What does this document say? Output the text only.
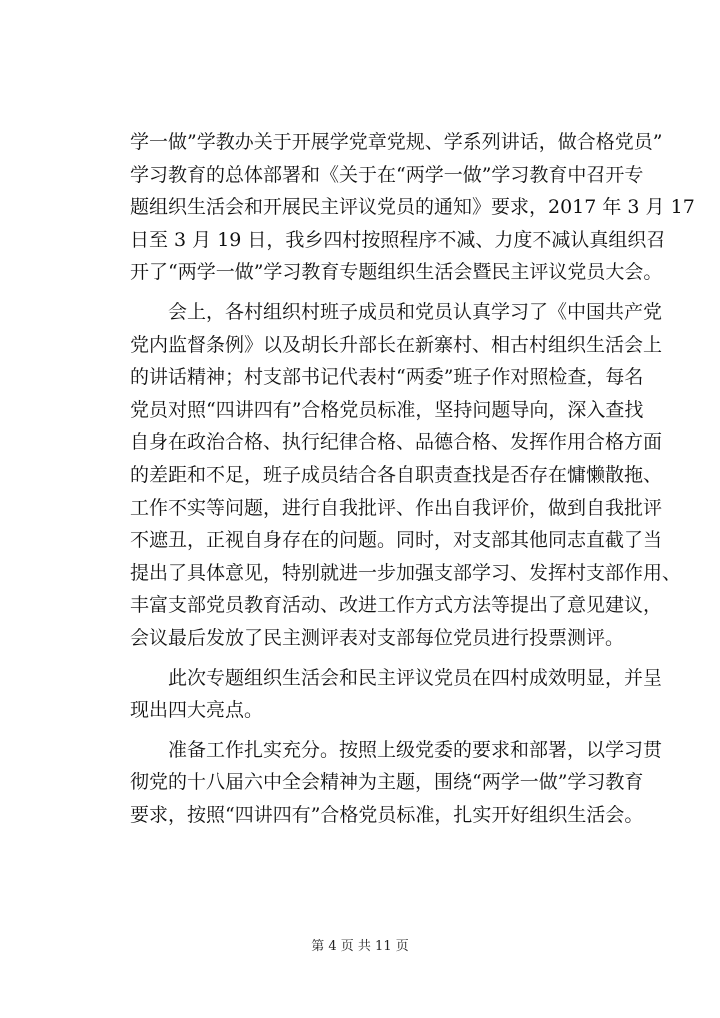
学一做”学教办关于开展学党章党规、学系列讲话，做合格党员”
学习教育的总体部署和《关于在“两学一做”学习教育中召开专
题组织生活会和开展民主评议党员的通知》要求，2017 年 3 月 17
日至 3 月 19 日，我乡四村按照程序不减、力度不减认真组织召
开了“两学一做”学习教育专题组织生活会暨民主评议党员大会。
会上，各村组织村班子成员和党员认真学习了《中国共产党
党内监督条例》以及胡长升部长在新寨村、相古村组织生活会上
的讲话精神；村支部书记代表村“两委”班子作对照检查，每名
党员对照“四讲四有”合格党员标准，坚持问题导向，深入查找
自身在政治合格、执行纪律合格、品德合格、发挥作用合格方面
的差距和不足，班子成员结合各自职责查找是否存在慵懒散拖、
工作不实等问题，进行自我批评、作出自我评价，做到自我批评
不遮丑，正视自身存在的问题。同时，对支部其他同志直截了当
提出了具体意见，特别就进一步加强支部学习、发挥村支部作用、
丰富支部党员教育活动、改进工作方式方法等提出了意见建议，
会议最后发放了民主测评表对支部每位党员进行投票测评。
此次专题组织生活会和民主评议党员在四村成效明显，并呈
现出四大亮点。
准备工作扎实充分。按照上级党委的要求和部署，以学习贯
彻党的十八届六中全会精神为主题，围绕“两学一做”学习教育
要求，按照“四讲四有”合格党员标准，扎实开好组织生活会。
第 4 页 共 11 页
